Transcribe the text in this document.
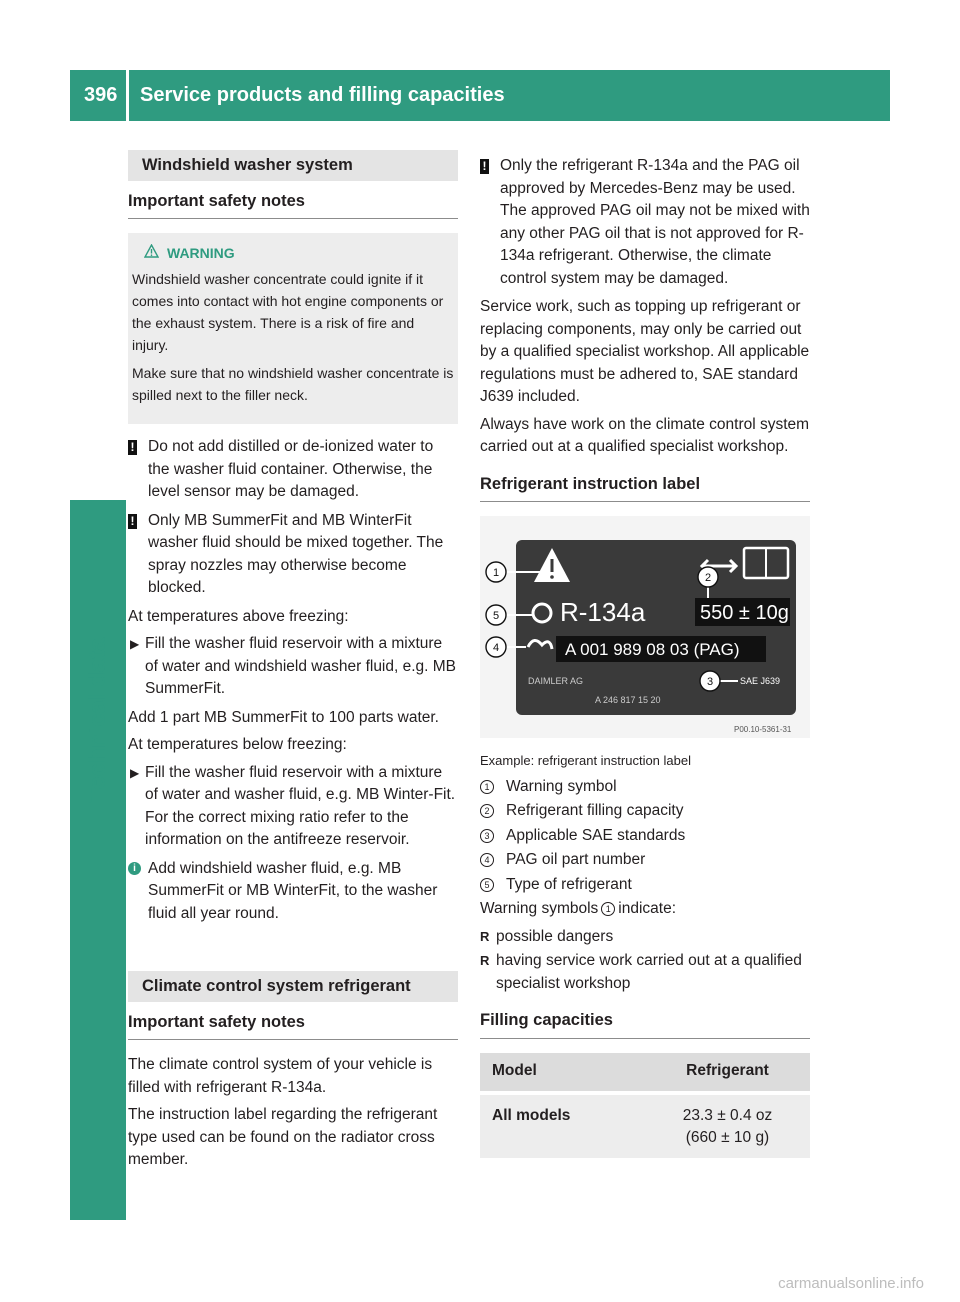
396	Service products and filling capacities
Technical data
Windshield washer system
Important safety notes
WARNING

Windshield washer concentrate could ignite if it comes into contact with hot engine components or the exhaust system. There is a risk of fire and injury.

Make sure that no windshield washer concentrate is spilled next to the filler neck.

! Do not add distilled or de-ionized water to the washer fluid container. Otherwise, the level sensor may be damaged.
! Only MB SummerFit and MB WinterFit washer fluid should be mixed together. The spray nozzles may otherwise become blocked.

At temperatures above freezing:

▶ Fill the washer fluid reservoir with a mixture of water and windshield washer fluid, e.g. MB SummerFit.

Add 1 part MB SummerFit to 100 parts water.

At temperatures below freezing:

▶ Fill the washer fluid reservoir with a mixture of water and washer fluid, e.g. MB Winter-Fit.
For the correct mixing ratio refer to the information on the antifreeze reservoir.
i Add windshield washer fluid, e.g. MB SummerFit or MB WinterFit, to the washer fluid all year round.
Climate control system refrigerant
Important safety notes

The climate control system of your vehicle is filled with refrigerant R-134a.

The instruction label regarding the refrigerant type used can be found on the radiator cross member.

! Only the refrigerant R-134a and the PAG oil approved by Mercedes-Benz may be used. The approved PAG oil may not be mixed with any other PAG oil that is not approved for R-134a refrigerant. Otherwise, the climate control system may be damaged.

Service work, such as topping up refrigerant or replacing components, may only be carried out by a qualified specialist workshop. All applicable regulations must be adhered to, SAE standard J639 included.

Always have work on the climate control system carried out at a qualified specialist workshop.

Refrigerant instruction label
R-134a	550 ± 10g
A 001 989 08 03 (PAG)
DAIMLER AG	SAE J639
A 246 817 15 20
P00.10-5361-31
1
5
4
2
3
Example: refrigerant instruction label
1 Warning symbol
2 Refrigerant filling capacity
3 Applicable SAE standards
4 PAG oil part number
5 Type of refrigerant

Warning symbols 1 indicate:

R possible dangers
R having service work carried out at a qualified specialist workshop
Filling capacities
Model	Refrigerant
All models	23.3 ± 0.4 oz
(660 ± 10 g)
carmanualsonline.info
